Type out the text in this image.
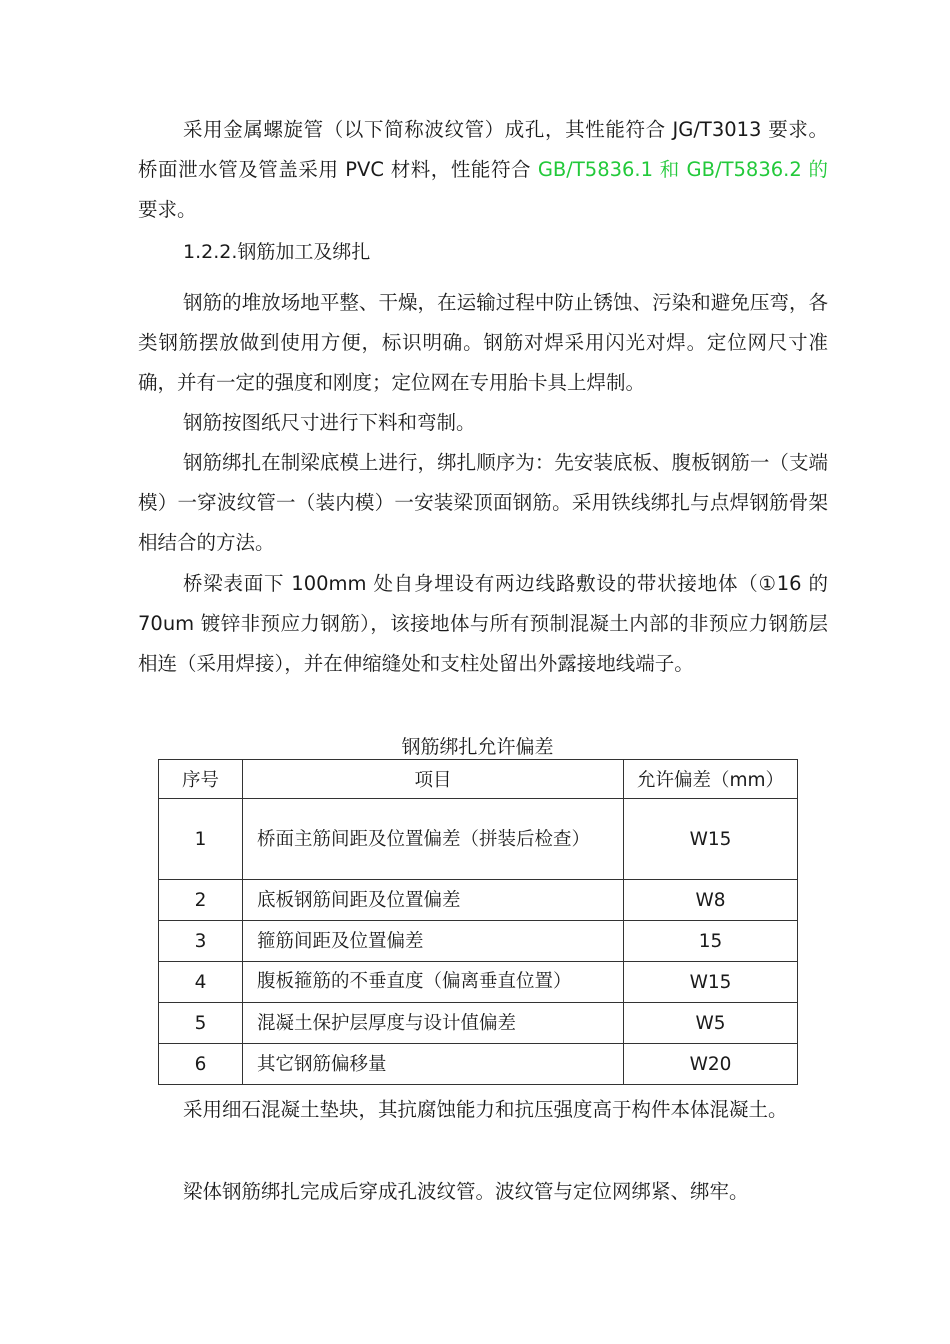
采用金属螺旋管（以下简称波纹管）成孔，其性能符合 JG/T3013 要求。桥面泄水管及管盖采用 PVC 材料，性能符合 GB/T5836.1 和 GB/T5836.2 的要求。

1.2.2.钢筋加工及绑扎

钢筋的堆放场地平整、干燥，在运输过程中防止锈蚀、污染和避免压弯，各类钢筋摆放做到使用方便，标识明确。钢筋对焊采用闪光对焊。定位网尺寸准确，并有一定的强度和刚度；定位网在专用胎卡具上焊制。

钢筋按图纸尺寸进行下料和弯制。

钢筋绑扎在制梁底模上进行，绑扎顺序为：先安装底板、腹板钢筋一（支端模）一穿波纹管一（装内模）一安装梁顶面钢筋。采用铁线绑扎与点焊钢筋骨架相结合的方法。

桥梁表面下 100mm 处自身埋设有两边线路敷设的带状接地体（①16 的 70um 镀锌非预应力钢筋），该接地体与所有预制混凝土内部的非预应力钢筋层相连（采用焊接），并在伸缩缝处和支柱处留出外露接地线端子。

钢筋绑扎允许偏差
序号	项目	允许偏差（mm）
1	桥面主筋间距及位置偏差（拼装后检查）	W15
2	底板钢筋间距及位置偏差	W8
3	箍筋间距及位置偏差	15
4	腹板箍筋的不垂直度（偏离垂直位置）	W15
5	混凝土保护层厚度与设计值偏差	W5
6	其它钢筋偏移量	W20

采用细石混凝土垫块，其抗腐蚀能力和抗压强度高于构件本体混凝土。

梁体钢筋绑扎完成后穿成孔波纹管。波纹管与定位网绑紧、绑牢。
